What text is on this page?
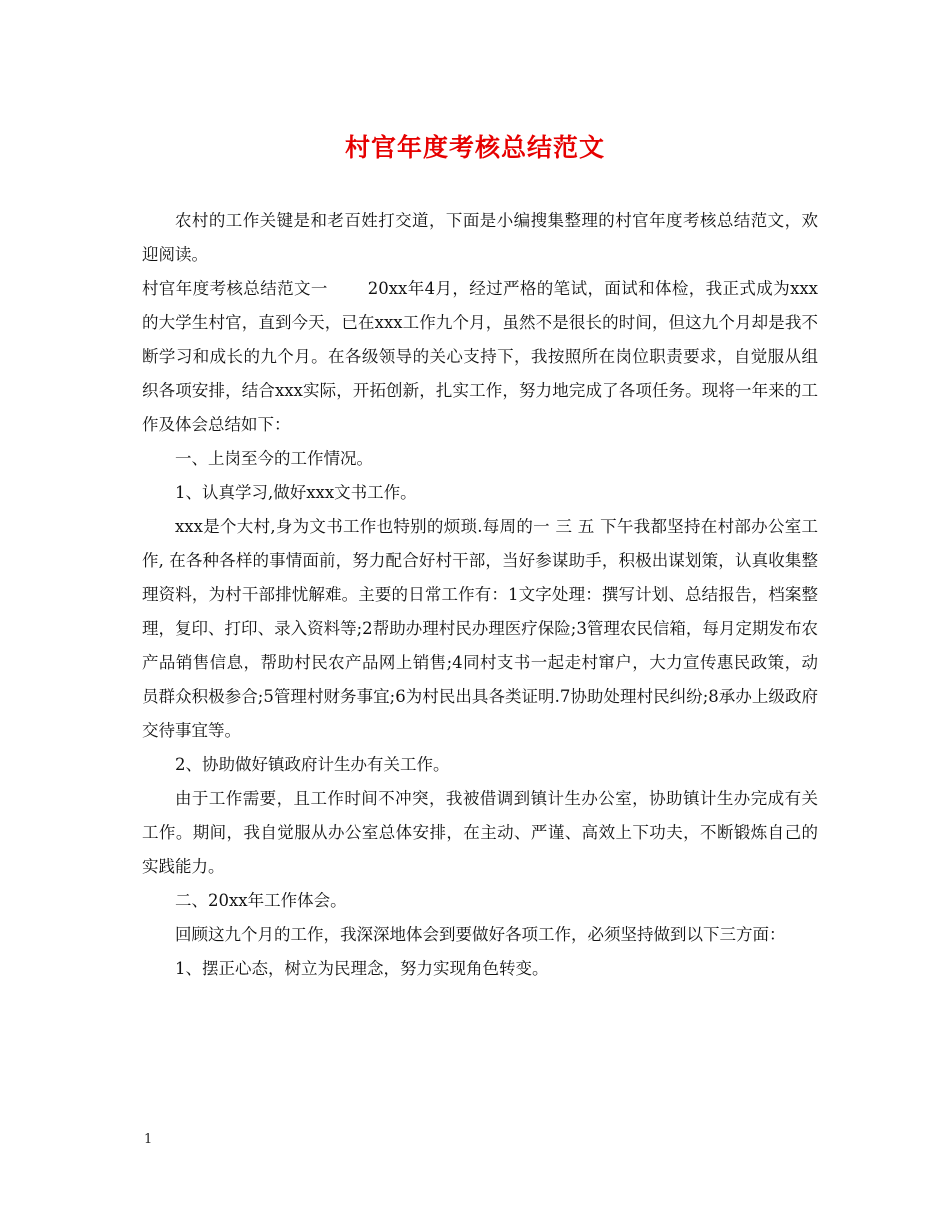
村官年度考核总结范文

农村的工作关键是和老百姓打交道，下面是小编搜集整理的村官年度考核总结范文，欢迎阅读。

村官年度考核总结范文一 20xx年4月，经过严格的笔试，面试和体检，我正式成为xxx的大学生村官，直到今天，已在xxx工作九个月，虽然不是很长的时间，但这九个月却是我不断学习和成长的九个月。在各级领导的关心支持下，我按照所在岗位职责要求，自觉服从组织各项安排，结合xxx实际，开拓创新，扎实工作，努力地完成了各项任务。现将一年来的工作及体会总结如下：

一、上岗至今的工作情况。

1、认真学习,做好xxx文书工作。

xxx是个大村,身为文书工作也特别的烦琐.每周的一 三 五 下午我都坚持在村部办公室工作, 在各种各样的事情面前，努力配合好村干部，当好参谋助手，积极出谋划策，认真收集整理资料，为村干部排忧解难。主要的日常工作有：1文字处理：撰写计划、总结报告，档案整理，复印、打印、录入资料等;2帮助办理村民办理医疗保险;3管理农民信箱，每月定期发布农产品销售信息，帮助村民农产品网上销售;4同村支书一起走村窜户，大力宣传惠民政策，动员群众积极参合;5管理村财务事宜;6为村民出具各类证明.7协助处理村民纠纷;8承办上级政府交待事宜等。

2、协助做好镇政府计生办有关工作。

由于工作需要，且工作时间不冲突，我被借调到镇计生办公室，协助镇计生办完成有关工作。期间，我自觉服从办公室总体安排，在主动、严谨、高效上下功夫，不断锻炼自己的实践能力。

二、20xx年工作体会。

回顾这九个月的工作，我深深地体会到要做好各项工作，必须坚持做到以下三方面：

1、摆正心态，树立为民理念，努力实现角色转变。

1
